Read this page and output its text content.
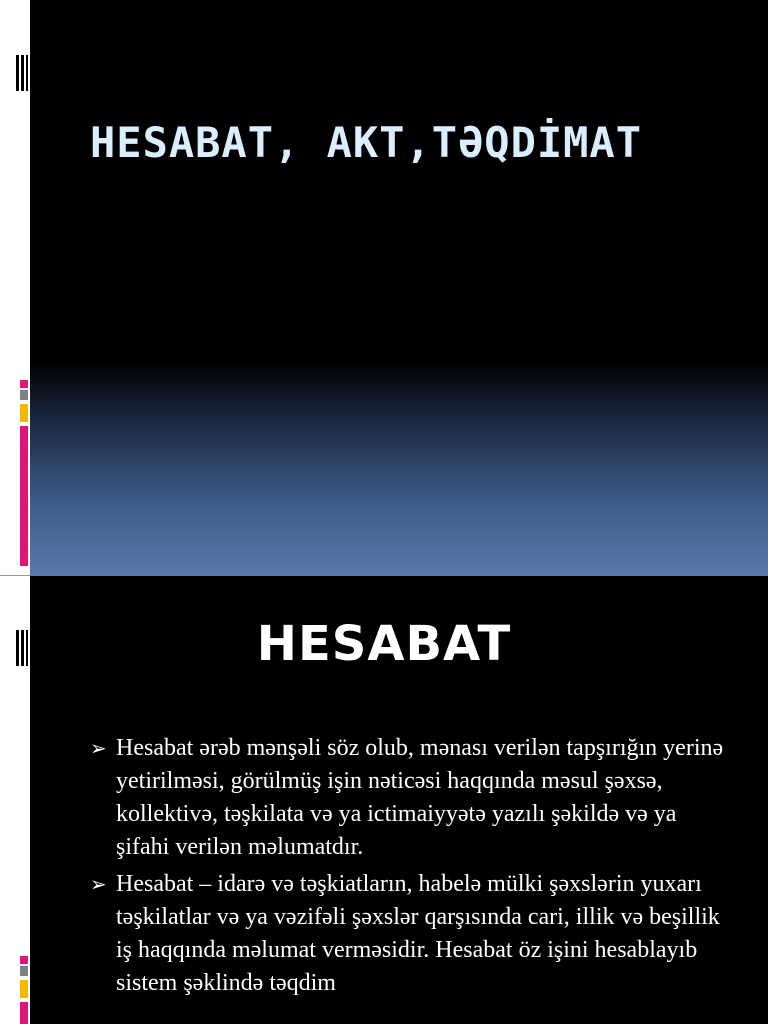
HESABAT, AKT,TƏQDİMAT
HESABAT
➢ Hesabat ərəb mənşəli söz olub, mənası verilən tapşırığın yerinə yetirilməsi, görülmüş işin nəticəsi haqqında məsul şəxsə, kollektivə, təşkilata və ya ictimaiyyətə yazılı şəkildə və ya şifahi verilən məlumatdır.
➢ Hesabat – idarə və təşkiatların, habelə mülki şəxslərin yuxarı təşkilatlar və ya vəzifəli şəxslər qarşısında cari, illik və beşillik iş haqqında məlumat verməsidir. Hesabat öz işini hesablayıb sistem şəklində təqdim
